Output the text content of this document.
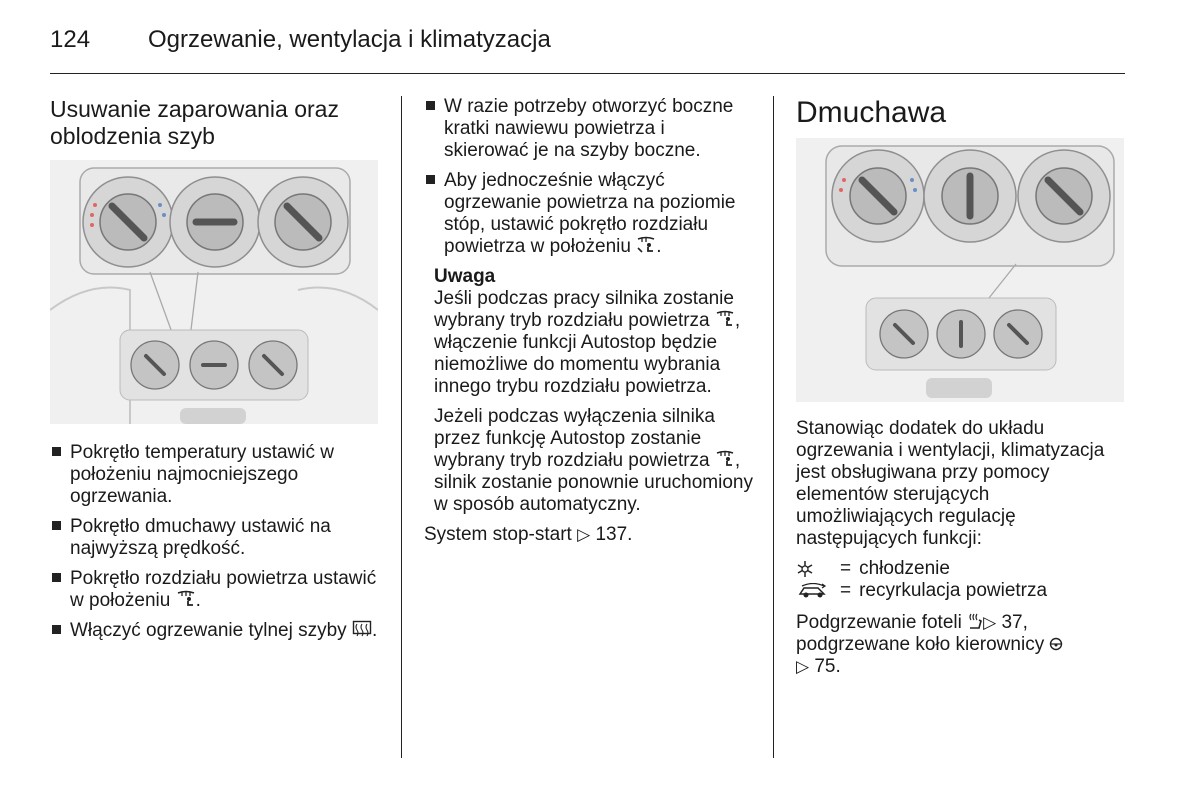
124 Ogrzewanie, wentylacja i klimatyzacja
Usuwanie zaparowania oraz oblodzenia szyb
Pokrętło temperatury ustawić w położeniu najmocniejszego ogrzewania.
Pokrętło dmuchawy ustawić na najwyższą prędkość.
Pokrętło rozdziału powietrza ustawić w położeniu .
Włączyć ogrzewanie tylnej szyby .
W razie potrzeby otworzyć boczne kratki nawiewu powietrza i skierować je na szyby boczne.
Aby jednocześnie włączyć ogrzewanie powietrza na poziomie stóp, ustawić pokrętło rozdziału powietrza w położeniu .
Uwaga
Jeśli podczas pracy silnika zostanie wybrany tryb rozdziału powietrza , włączenie funkcji Autostop będzie niemożliwe do momentu wybrania innego trybu rozdziału powietrza.
Jeżeli podczas wyłączenia silnika przez funkcję Autostop zostanie wybrany tryb rozdziału powietrza , silnik zostanie ponownie uruchomiony w sposób automatyczny.

System stop-start ▷ 137.

Dmuchawa

Stanowiąc dodatek do układu ogrzewania i wentylacji, klimatyzacja jest obsługiwana przy pomocy elementów sterujących umożliwiających regulację następujących funkcji:

= chłodzenie
= recyrkulacja powietrza
Podgrzewanie foteli ▷ 37,
podgrzewane koło kierownicy
▷ 75.
